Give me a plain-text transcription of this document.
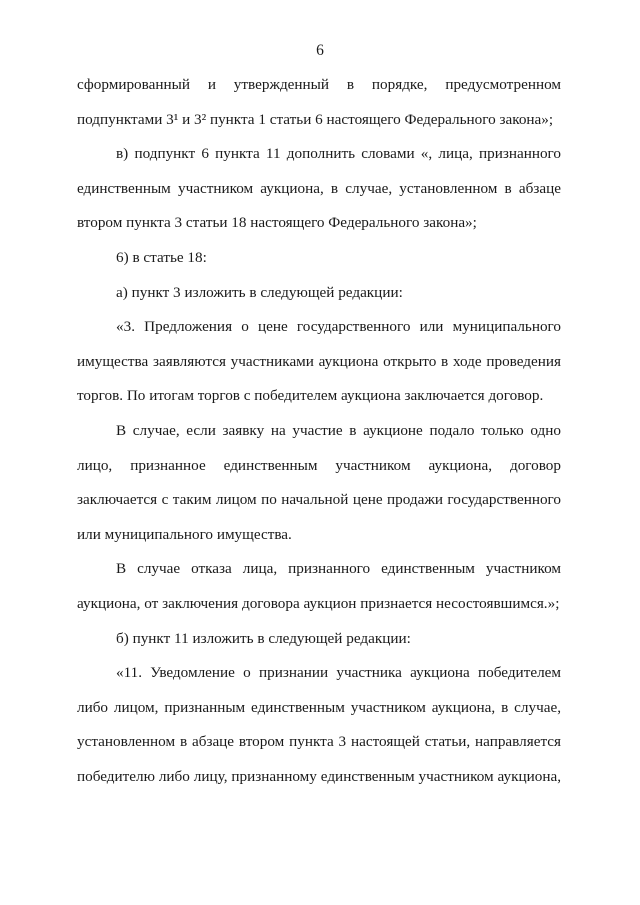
6
сформированный и утвержденный в порядке, предусмотренном
подпунктами 3¹ и 3² пункта 1 статьи 6 настоящего Федерального закона»;
в) подпункт 6 пункта 11 дополнить словами «, лица, признанного
единственным участником аукциона, в случае, установленном в абзаце
втором пункта 3 статьи 18 настоящего Федерального закона»;
6) в статье 18:
а) пункт 3 изложить в следующей редакции:
«3. Предложения о цене государственного или муниципального
имущества заявляются участниками аукциона открыто в ходе проведения
торгов. По итогам торгов с победителем аукциона заключается договор.
В случае, если заявку на участие в аукционе подало только одно
лицо, признанное единственным участником аукциона, договор
заключается с таким лицом по начальной цене продажи государственного
или муниципального имущества.
В случае отказа лица, признанного единственным участником
аукциона, от заключения договора аукцион признается несостоявшимся.»;
б) пункт 11 изложить в следующей редакции:
«11. Уведомление о признании участника аукциона победителем
либо лицом, признанным единственным участником аукциона, в случае,
установленном в абзаце втором пункта 3 настоящей статьи, направляется
победителю либо лицу, признанному единственным участником аукциона,
